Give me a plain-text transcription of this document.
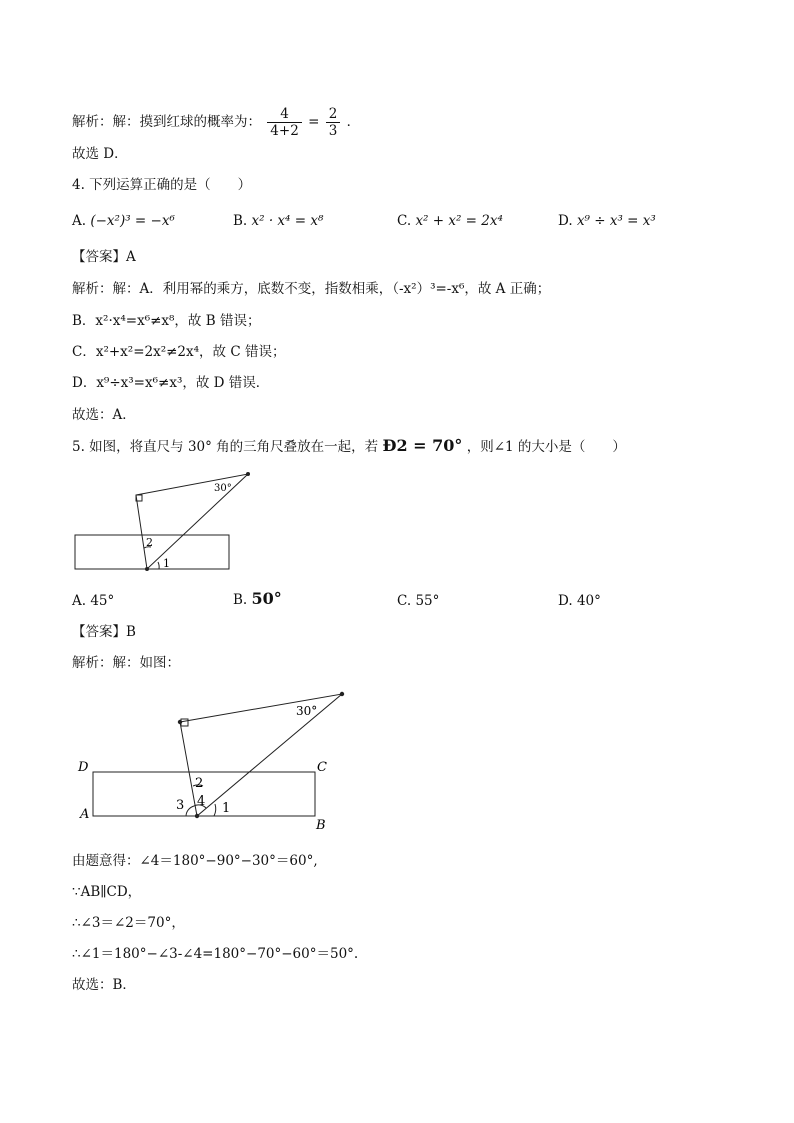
解析：解：摸到红球的概率为： $\frac{4}{4+2} = \frac{2}{3}$ ．
故选 D．
4. 下列运算正确的是（　　）
A. (−x²)³ = −x⁶	B. x² · x⁴ = x⁸	C. x² + x² = 2x⁴	D. x⁹ ÷ x³ = x³
【答案】A
解析：解：A．利用幂的乘方，底数不变，指数相乘，（-x²）³=-x⁶，故 A 正确；
B．x²·x⁴=x⁶≠x⁸，故 B 错误；
C．x²+x²=2x²≠2x⁴，故 C 错误；
D．x⁹÷x³=x⁶≠x³，故 D 错误．
故选：A．
5. 如图，将直尺与 30° 角的三角尺叠放在一起，若 Ð2 = 70° ，则∠1 的大小是（　　）
30°
2
1
A. 45°	B. 50°	C. 55°	D. 40°
【答案】B
解析：解：如图：
30°
2
3 4 1
A
B
C
D
由题意得：∠4＝180°−90°−30°＝60°,
∵AB∥CD，
∴∠3＝∠2＝70°，
∴∠1＝180°−∠3-∠4=180°−70°−60°＝50°.
故选：B．
